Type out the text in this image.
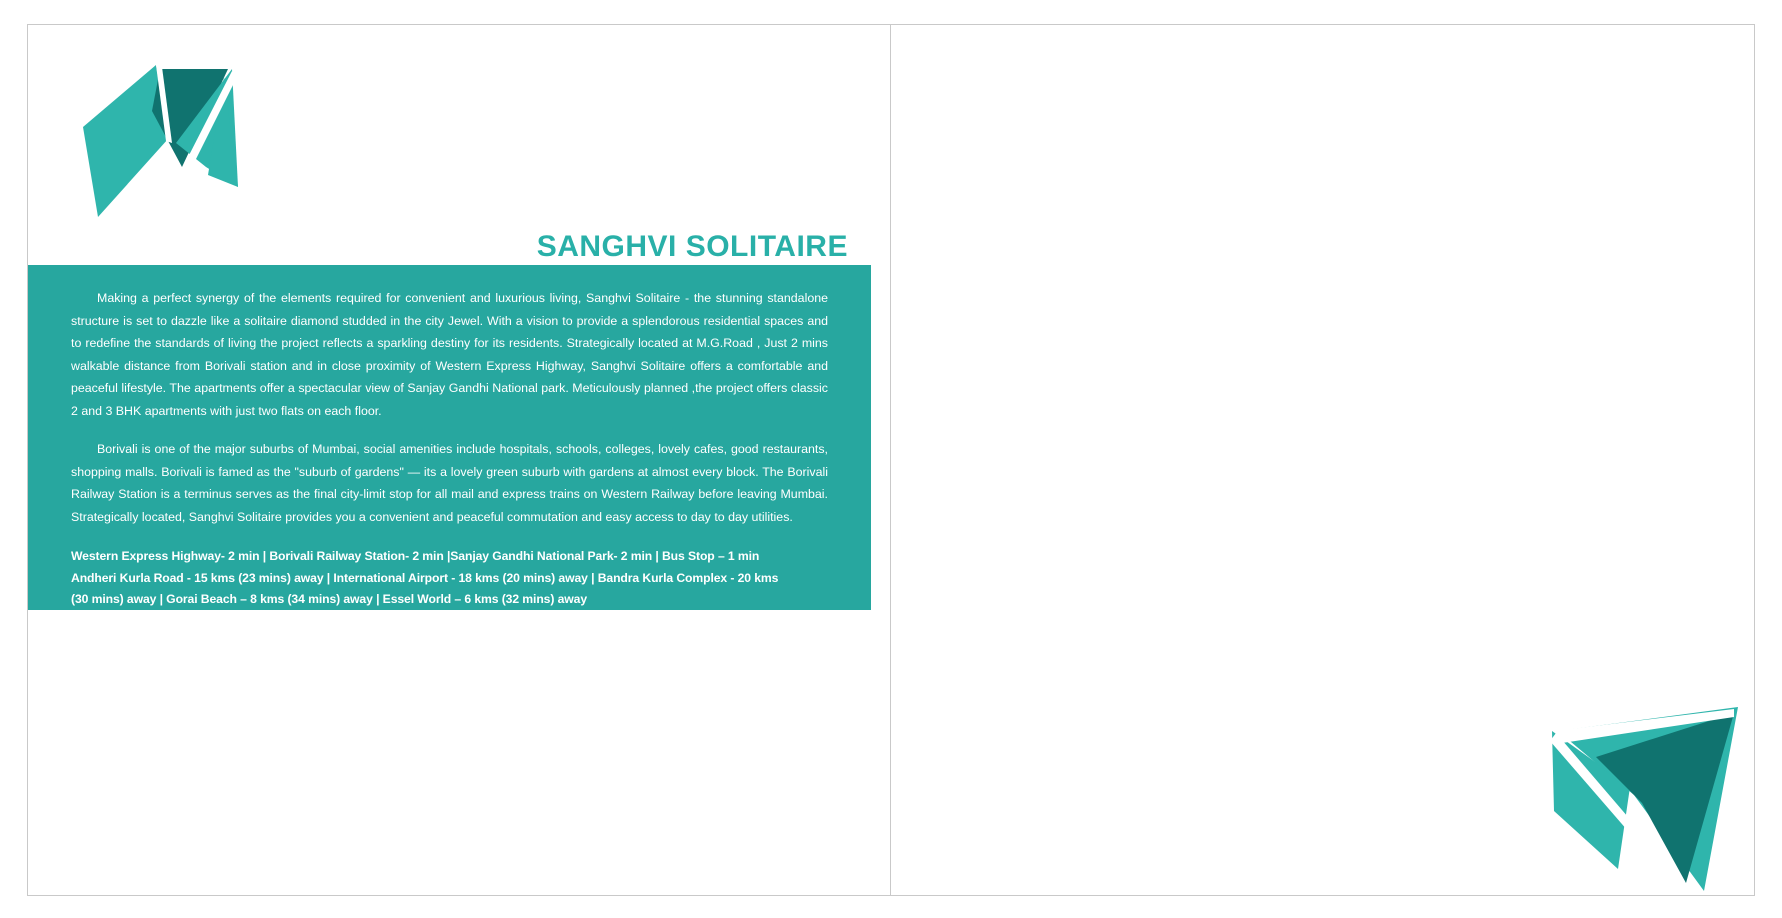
SANGHVI SOLITAIRE

Making a perfect synergy of the elements required for convenient and luxurious living, Sanghvi Solitaire - the stunning standalone structure is set to dazzle like a solitaire diamond studded in the city Jewel. With a vision to provide a splendorous residential spaces and to redefine the standards of living the project reflects a sparkling destiny for its residents. Strategically located at M.G.Road , Just 2 mins walkable distance from Borivali station and in close proximity of Western Express Highway, Sanghvi Solitaire offers a comfortable and peaceful lifestyle. The apartments offer a spectacular view of Sanjay Gandhi National park. Meticulously planned ,the project offers classic 2 and 3 BHK apartments with just two flats on each floor.

Borivali is one of the major suburbs of Mumbai, social amenities include hospitals, schools, colleges, lovely cafes, good restaurants, shopping malls. Borivali is famed as the "suburb of gardens" — its a lovely green suburb with gardens at almost every block. The Borivali Railway Station is a terminus serves as the final city-limit stop for all mail and express trains on Western Railway before leaving Mumbai. Strategically located, Sanghvi Solitaire provides you a convenient and peaceful commutation and easy access to day to day utilities.

Western Express Highway- 2 min | Borivali Railway Station- 2 min |Sanjay Gandhi National Park- 2 min | Bus Stop – 1 min
Andheri Kurla Road - 15 kms (23 mins) away | International Airport - 18 kms (20 mins) away | Bandra Kurla Complex - 20 kms
(30 mins) away | Gorai Beach – 8 kms (34 mins) away | Essel World – 6 kms (32 mins) away
